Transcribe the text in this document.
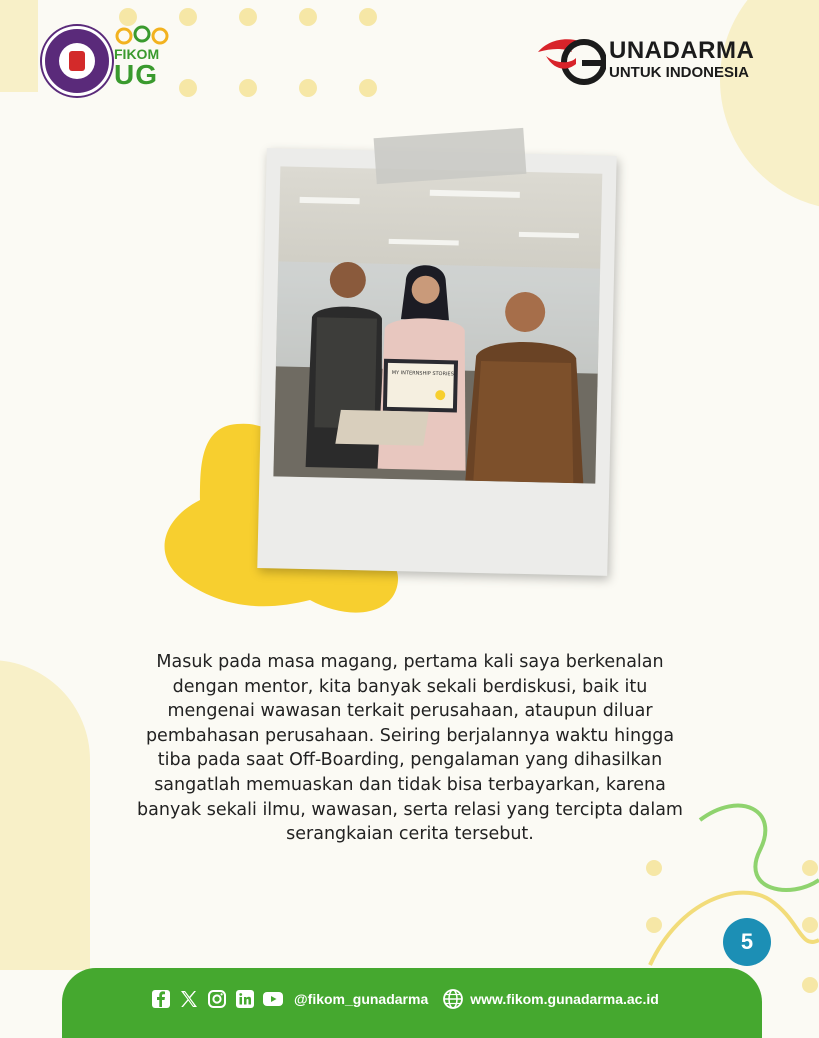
FIKOM
UG
UNADARMA
UNTUK INDONESIA
MY INTERNSHIP STORIES
Masuk pada masa magang, pertama kali saya berkenalan dengan mentor, kita banyak sekali berdiskusi, baik itu mengenai wawasan terkait perusahaan, ataupun diluar pembahasan perusahaan. Seiring berjalannya waktu hingga tiba pada saat Off-Boarding, pengalaman yang dihasilkan sangatlah memuaskan dan tidak bisa terbayarkan, karena banyak sekali ilmu, wawasan, serta relasi yang tercipta dalam serangkaian cerita tersebut.
5
@fikom_gunadarma	www.fikom.gunadarma.ac.id
